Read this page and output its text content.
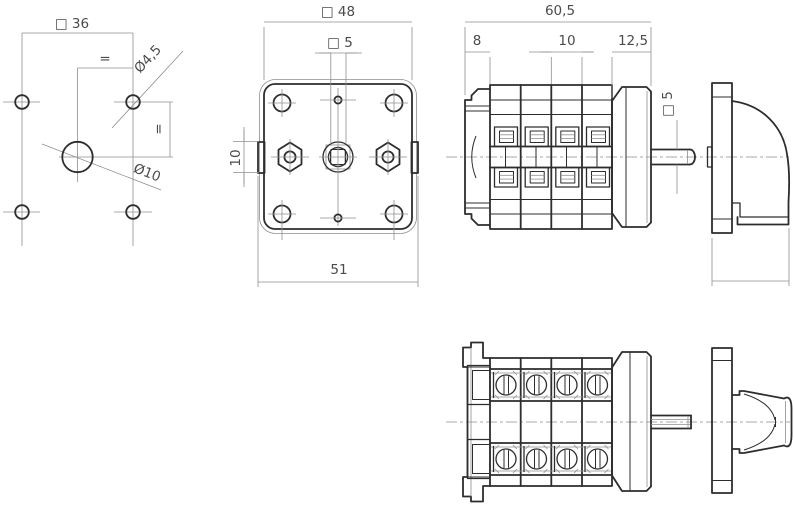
□ 36
=
=
Ø4,5
Ø10
□ 48
□ 5
51
10
60,5
8	10	12,5
□ 5
